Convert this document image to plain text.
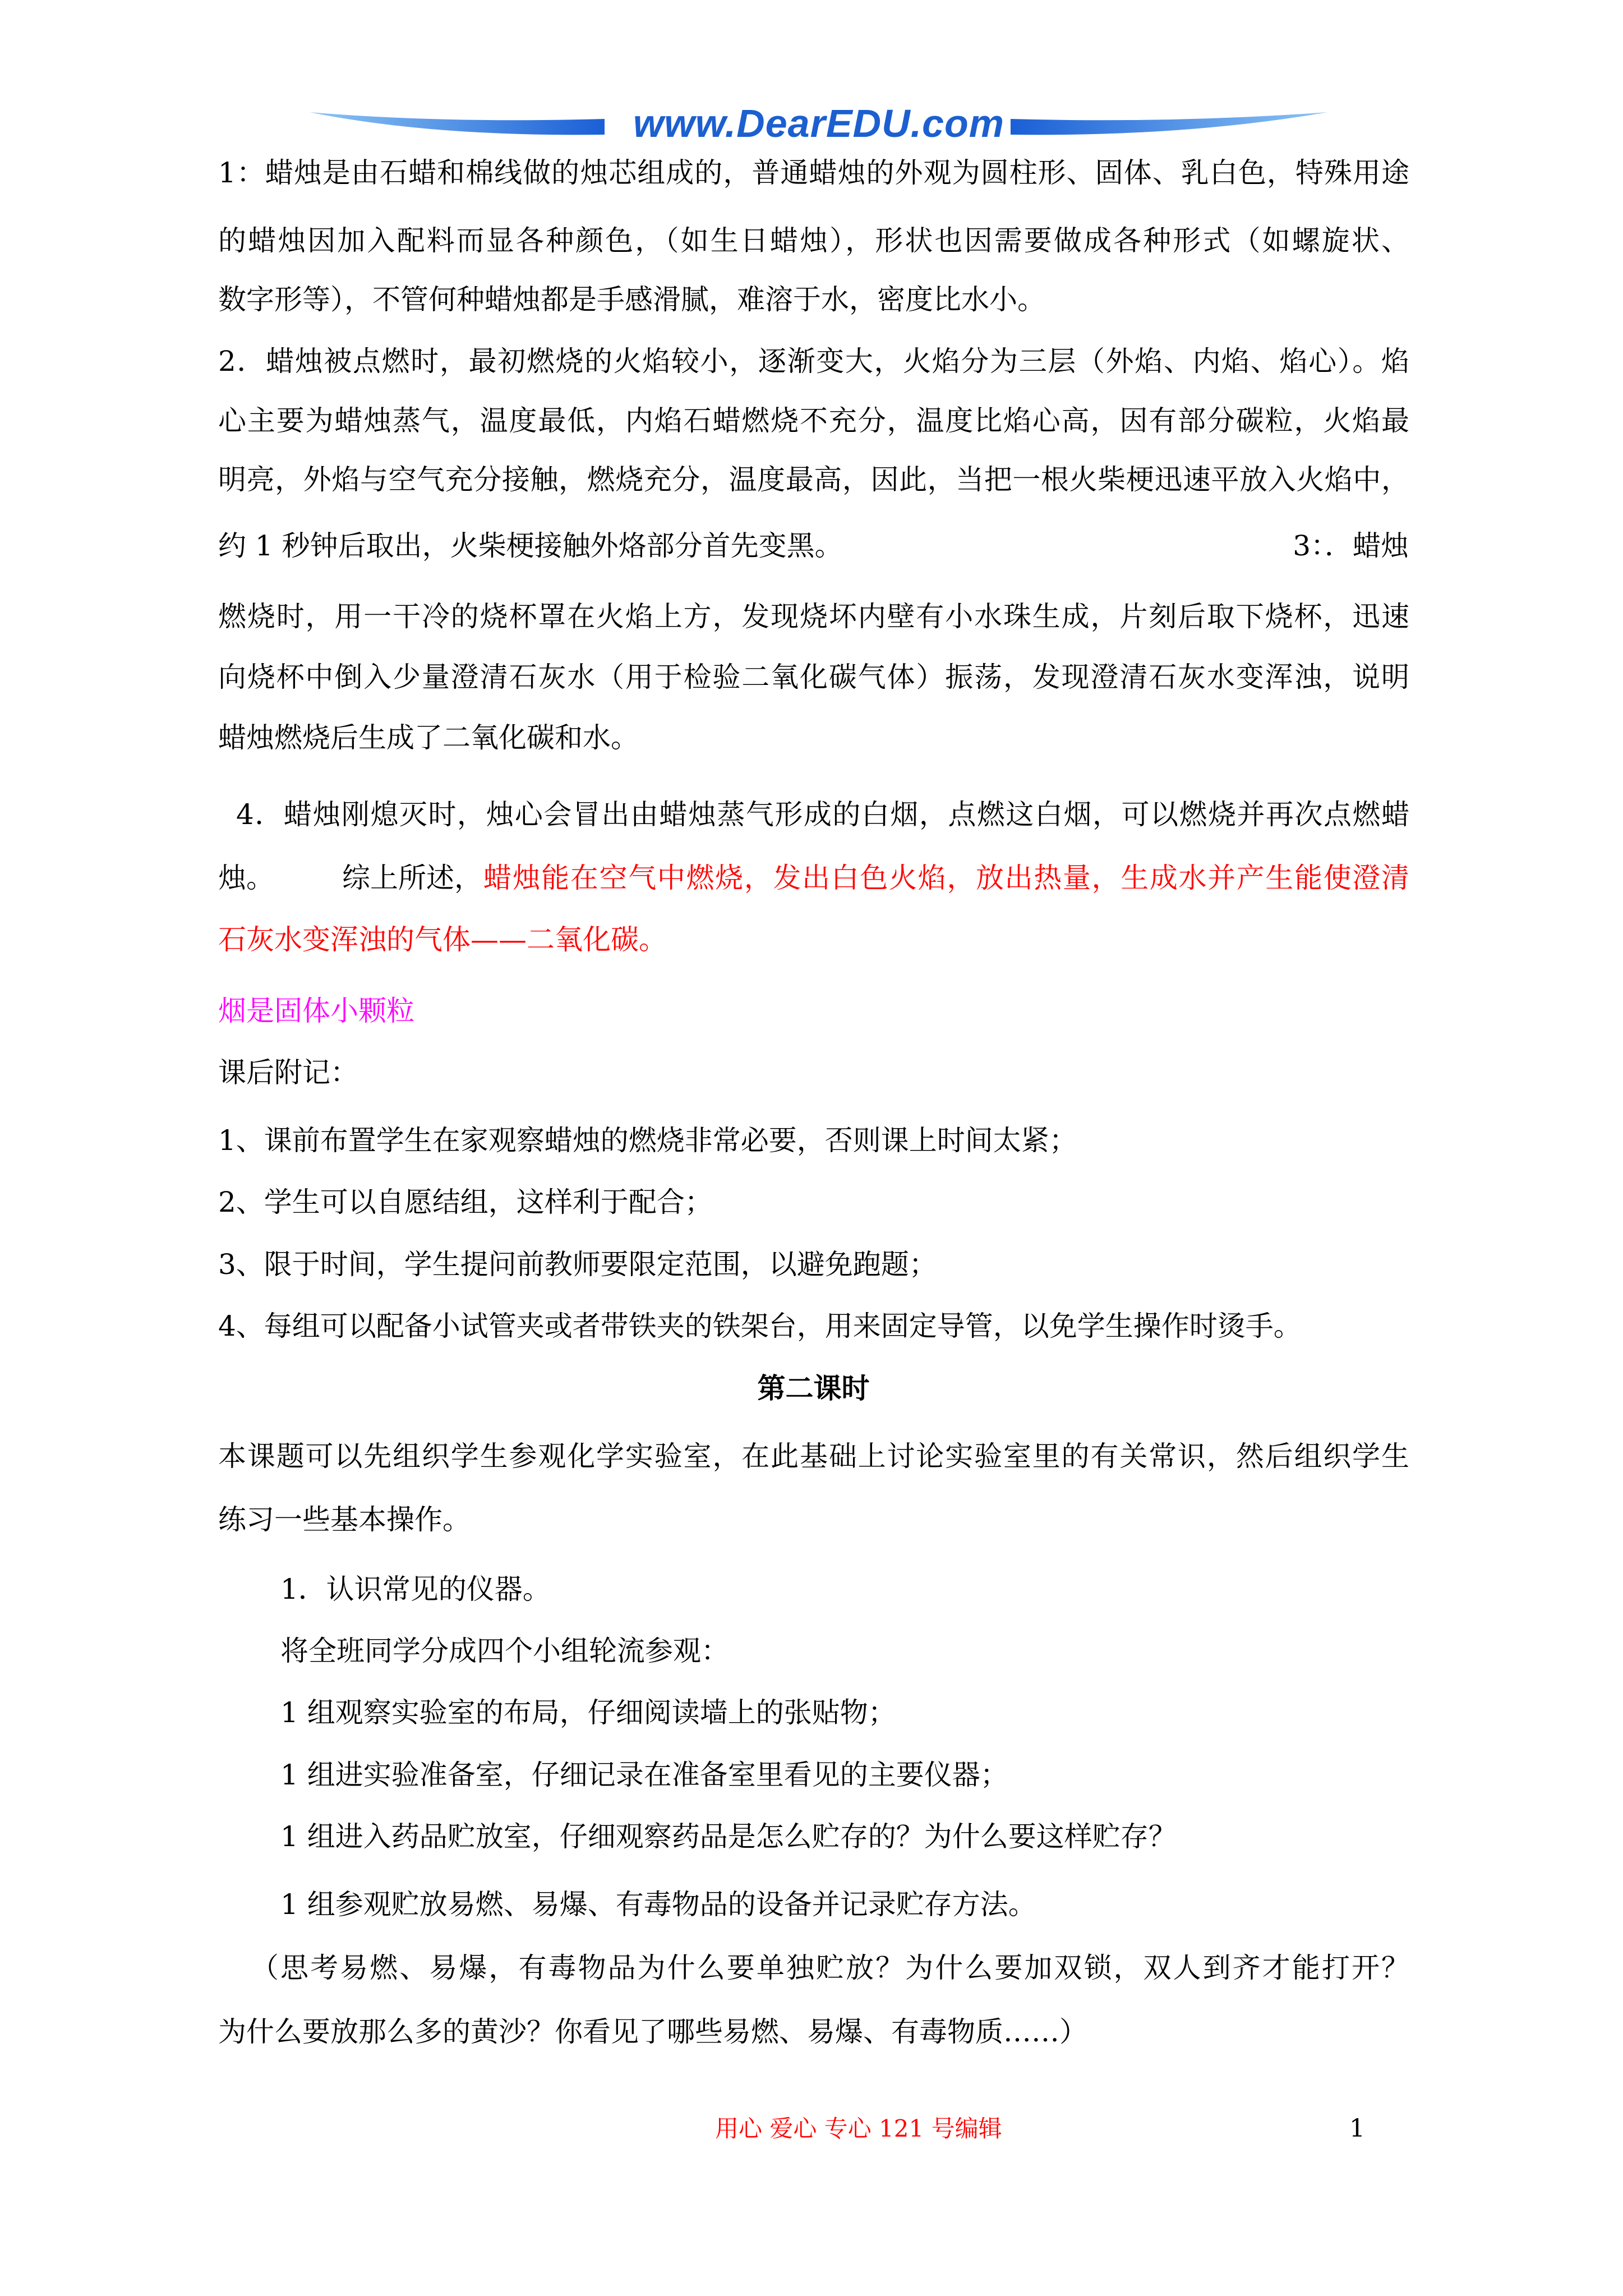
www.DearEDU.com
1：蜡烛是由石蜡和棉线做的烛芯组成的，普通蜡烛的外观为圆柱形、固体、乳白色，特殊用途
的蜡烛因加入配料而显各种颜色，（如生日蜡烛），形状也因需要做成各种形式（如螺旋状、
数字形等），不管何种蜡烛都是手感滑腻，难溶于水，密度比水小。
2．蜡烛被点燃时，最初燃烧的火焰较小，逐渐变大，火焰分为三层（外焰、内焰、焰心）。焰
心主要为蜡烛蒸气，温度最低，内焰石蜡燃烧不充分，温度比焰心高，因有部分碳粒，火焰最
明亮，外焰与空气充分接触，燃烧充分，温度最高，因此，当把一根火柴梗迅速平放入火焰中，
约 1 秒钟后取出，火柴梗接触外烙部分首先变黑。	3：．蜡烛
燃烧时，用一干冷的烧杯罩在火焰上方，发现烧坏内壁有小水珠生成，片刻后取下烧杯，迅速
向烧杯中倒入少量澄清石灰水（用于检验二氧化碳气体）振荡，发现澄清石灰水变浑浊，说明
蜡烛燃烧后生成了二氧化碳和水。
4．蜡烛刚熄灭时，烛心会冒出由蜡烛蒸气形成的白烟，点燃这白烟，可以燃烧并再次点燃蜡
烛。 综上所述， 蜡烛能在空气中燃烧，发出白色火焰，放出热量，生成水并产生能使澄清
石灰水变浑浊的气体——二氧化碳。
烟是固体小颗粒
课后附记：
1、课前布置学生在家观察蜡烛的燃烧非常必要，否则课上时间太紧；
2、学生可以自愿结组，这样利于配合；
3、限于时间，学生提问前教师要限定范围，以避免跑题；
4、每组可以配备小试管夹或者带铁夹的铁架台，用来固定导管，以免学生操作时烫手。
第二课时
本课题可以先组织学生参观化学实验室，在此基础上讨论实验室里的有关常识，然后组织学生
练习一些基本操作。
1．认识常见的仪器。
将全班同学分成四个小组轮流参观：
1 组观察实验室的布局，仔细阅读墙上的张贴物；
1 组进实验准备室，仔细记录在准备室里看见的主要仪器；
1 组进入药品贮放室，仔细观察药品是怎么贮存的？为什么要这样贮存？
1 组参观贮放易燃、易爆、有毒物品的设备并记录贮存方法。
（思考易燃、易爆，有毒物品为什么要单独贮放？为什么要加双锁，双人到齐才能打开？
为什么要放那么多的黄沙？你看见了哪些易燃、易爆、有毒物质……）
用心 爱心 专心 121 号编辑	1
